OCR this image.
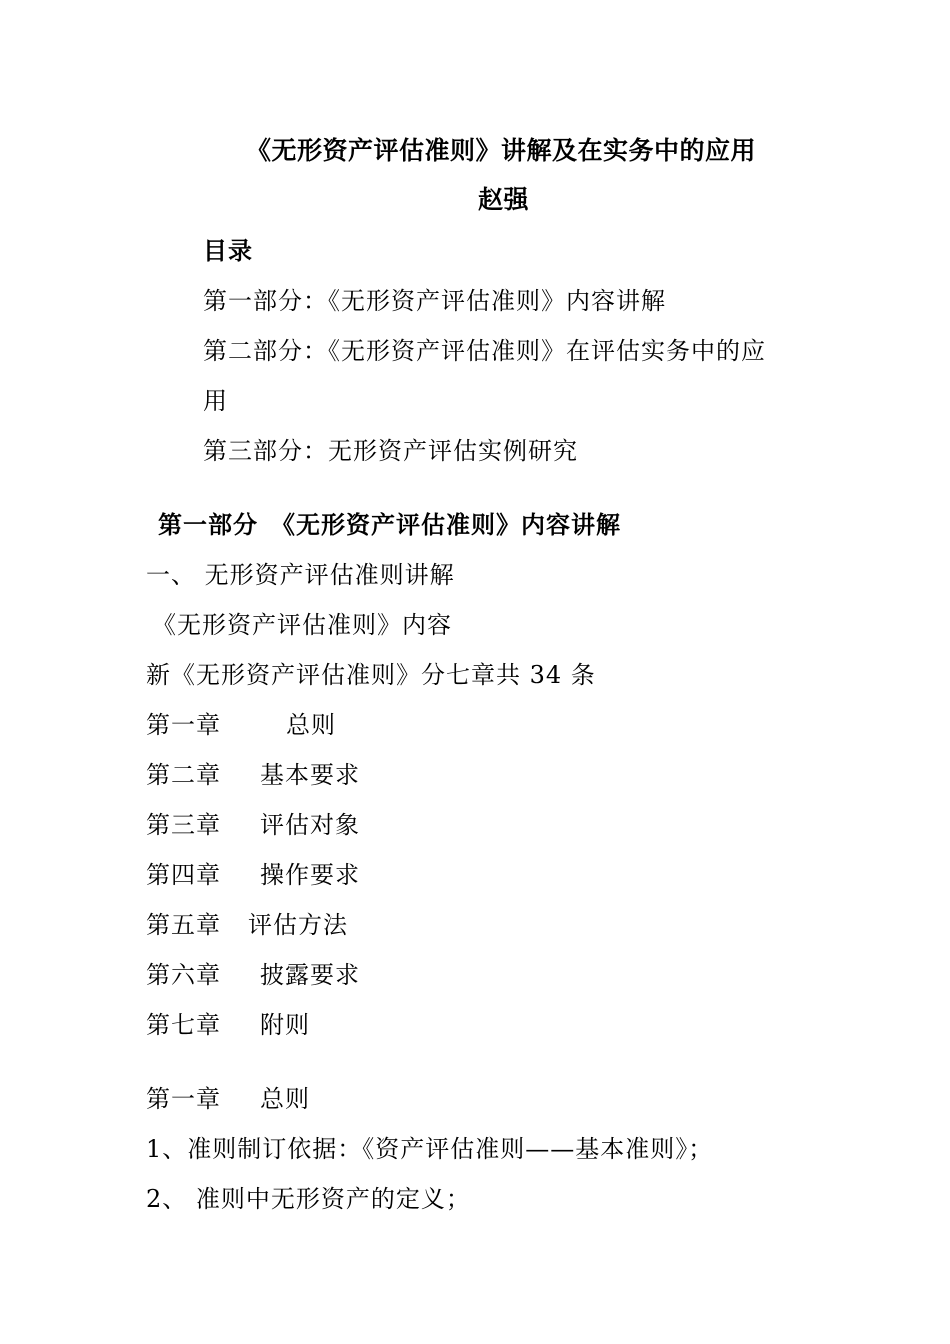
《无形资产评估准则》讲解及在实务中的应用
赵强
目录
第一部分：《无形资产评估准则》内容讲解
第二部分：《无形资产评估准则》在评估实务中的应
用
第三部分：无形资产评估实例研究
第一部分　《无形资产评估准则》内容讲解
一、 无形资产评估准则讲解
《无形资产评估准则》内容
新《无形资产评估准则》分七章共 34 条
第一章	总则
第二章 基本要求
第三章 评估对象
第四章 操作要求
第五章 评估方法
第六章 披露要求
第七章 附则
第一章 总则
1、准则制订依据：《资产评估准则——基本准则》；
2、 准则中无形资产的定义；
